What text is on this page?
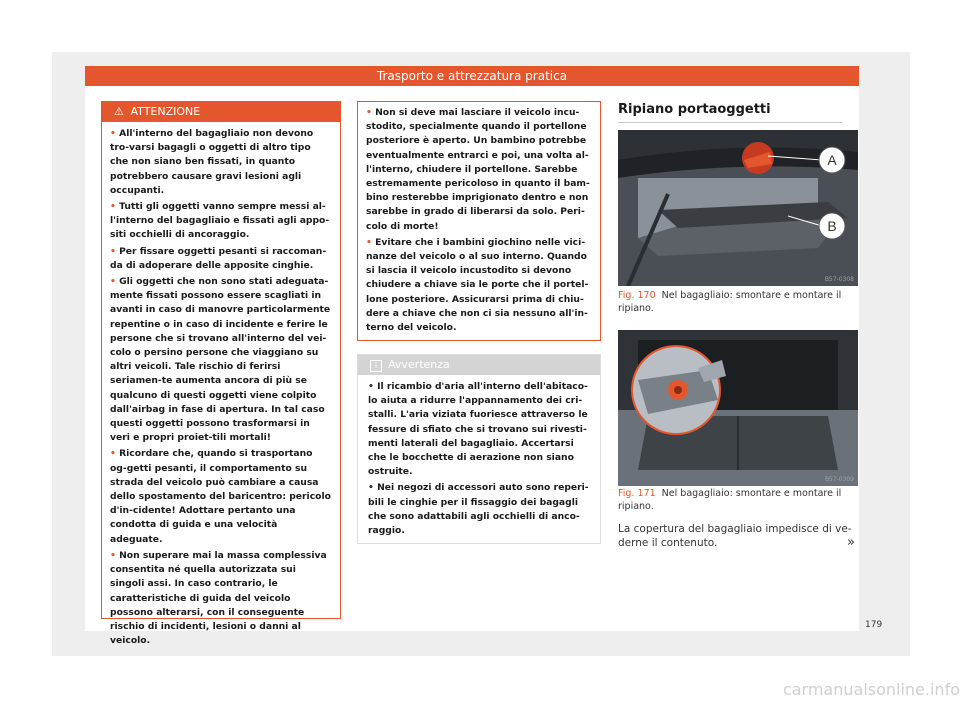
Trasporto e attrezzatura pratica
⚠ ATTENZIONE

• All'interno del bagagliaio non devono tro-varsi bagagli o oggetti di altro tipo che non siano ben fissati, in quanto potrebbero causare gravi lesioni agli occupanti.

• Tutti gli oggetti vanno sempre messi al-l'interno del bagagliaio e fissati agli appo-siti occhielli di ancoraggio.

• Per fissare oggetti pesanti si raccoman-da di adoperare delle apposite cinghie.

• Gli oggetti che non sono stati adeguata-mente fissati possono essere scagliati in avanti in caso di manovre particolarmente repentine o in caso di incidente e ferire le persone che si trovano all'interno del vei-colo o persino persone che viaggiano su altri veicoli. Tale rischio di ferirsi seriamen-te aumenta ancora di più se qualcuno di questi oggetti viene colpito dall'airbag in fase di apertura. In tal caso questi oggetti possono trasformarsi in veri e propri proiet-tili mortali!

• Ricordare che, quando si trasportano og-getti pesanti, il comportamento su strada del veicolo può cambiare a causa dello spostamento del baricentro: pericolo d'in-cidente! Adottare pertanto una condotta di guida e una velocità adeguate.

• Non superare mai la massa complessiva consentita né quella autorizzata sui singoli assi. In caso contrario, le caratteristiche di guida del veicolo possono alterarsi, con il conseguente rischio di incidenti, lesioni o danni al veicolo.

• Non si deve mai lasciare il veicolo incu-stodito, specialmente quando il portellone posteriore è aperto. Un bambino potrebbe eventualmente entrarci e poi, una volta al-l'interno, chiudere il portellone. Sarebbe estremamente pericoloso in quanto il bam-bino resterebbe imprigionato dentro e non sarebbe in grado di liberarsi da solo. Peri-colo di morte!

• Evitare che i bambini giochino nelle vici-nanze del veicolo o al suo interno. Quando si lascia il veicolo incustodito si devono chiudere a chiave sia le porte che il portel-lone posteriore. Assicurarsi prima di chiu-dere a chiave che non ci sia nessuno all'in-terno del veicolo.

i Avvertenza

• Il ricambio d'aria all'interno dell'abitaco-lo aiuta a ridurre l'appannamento dei cri-stalli. L'aria viziata fuoriesce attraverso le fessure di sfiato che si trovano sui rivesti-menti laterali del bagagliaio. Accertarsi che le bocchette di aerazione non siano ostruite.

• Nei negozi di accessori auto sono reperi-bili le cinghie per il fissaggio dei bagagli che sono adattabili agli occhielli di anco-raggio.

Ripiano portaoggetti
A
B
B57-0308
Fig. 170 Nel bagagliaio: smontare e montare il ripiano.
B57-0309
Fig. 171 Nel bagagliaio: smontare e montare il ripiano.
La copertura del bagagliaio impedisce di ve-derne il contenuto.	»
179
carmanualsonline.info
